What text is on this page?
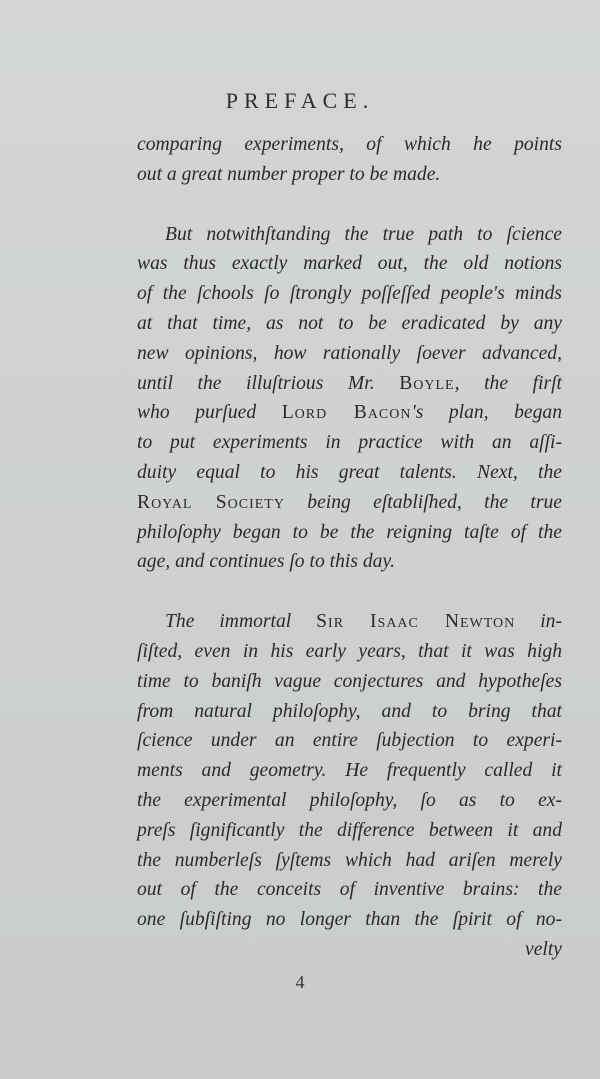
PREFACE.
comparing experiments, of which he points
out a great number proper to be made.
But notwithſtanding the true path to ſcience
was thus exactly marked out, the old notions
of the ſchools ſo ſtrongly poſſeſſed people's minds
at that time, as not to be eradicated by any
new opinions, how rationally ſoever advanced,
until the illuſtrious Mr. Boyle, the firſt
who purſued Lord Bacon's plan, began
to put experiments in practice with an aſſi-
duity equal to his great talents. Next, the
Royal Society being eſtabliſhed, the true
philoſophy began to be the reigning taſte of the
age, and continues ſo to this day.
The immortal Sir Isaac Newton in-
ſiſted, even in his early years, that it was high
time to baniſh vague conjectures and hypotheſes
from natural philoſophy, and to bring that
ſcience under an entire ſubjection to experi-
ments and geometry. He frequently called it
the experimental philoſophy, ſo as to ex-
preſs ſignificantly the difference between it and
the numberleſs ſyſtems which had ariſen merely
out of the conceits of inventive brains: the
one ſubſiſting no longer than the ſpirit of no-
velty
4
